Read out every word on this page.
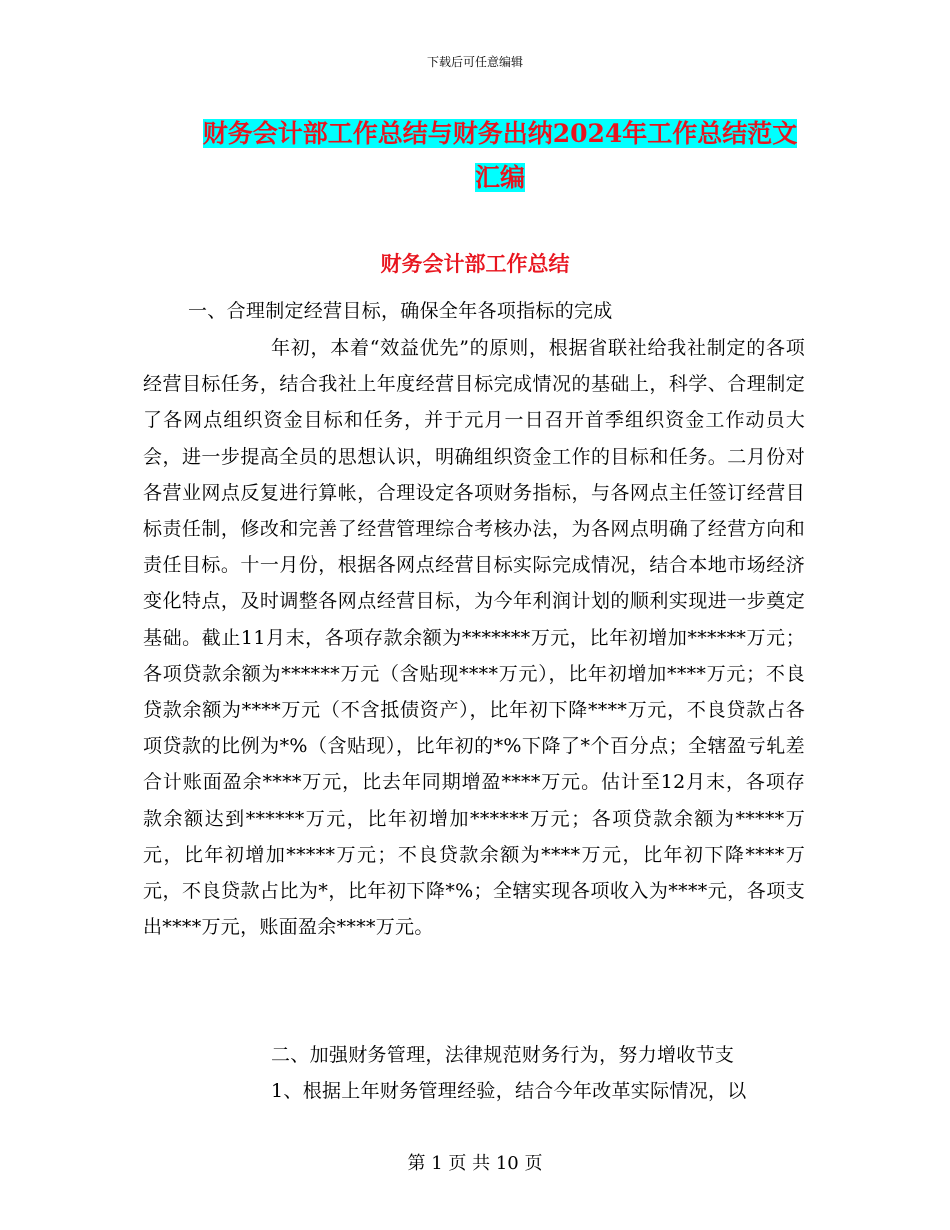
下载后可任意编辑
财务会计部工作总结与财务出纳2024年工作总结范文
汇编
财务会计部工作总结
一、合理制定经营目标，确保全年各项指标的完成
年初，本着“效益优先”的原则，根据省联社给我社制定的各项经营目标任务，结合我社上年度经营目标完成情况的基础上，科学、合理制定了各网点组织资金目标和任务，并于元月一日召开首季组织资金工作动员大会，进一步提高全员的思想认识，明确组织资金工作的目标和任务。二月份对各营业网点反复进行算帐，合理设定各项财务指标，与各网点主任签订经营目标责任制，修改和完善了经营管理综合考核办法，为各网点明确了经营方向和责任目标。十一月份，根据各网点经营目标实际完成情况，结合本地市场经济变化特点，及时调整各网点经营目标，为今年利润计划的顺利实现进一步奠定基础。截止11月末，各项存款余额为*******万元，比年初增加******万元；各项贷款余额为******万元（含贴现****万元），比年初增加****万元；不良贷款余额为****万元（不含抵债资产），比年初下降****万元，不良贷款占各项贷款的比例为*%（含贴现），比年初的*%下降了*个百分点；全辖盈亏轧差合计账面盈余****万元，比去年同期增盈****万元。估计至12月末，各项存款余额达到******万元，比年初增加******万元；各项贷款余额为*****万元，比年初增加*****万元；不良贷款余额为****万元，比年初下降****万元，不良贷款占比为*，比年初下降*%；全辖实现各项收入为****元，各项支出****万元，账面盈余****万元。
二、加强财务管理，法律规范财务行为，努力增收节支
1、根据上年财务管理经验，结合今年改革实际情况，以
第 1 页 共 10 页
